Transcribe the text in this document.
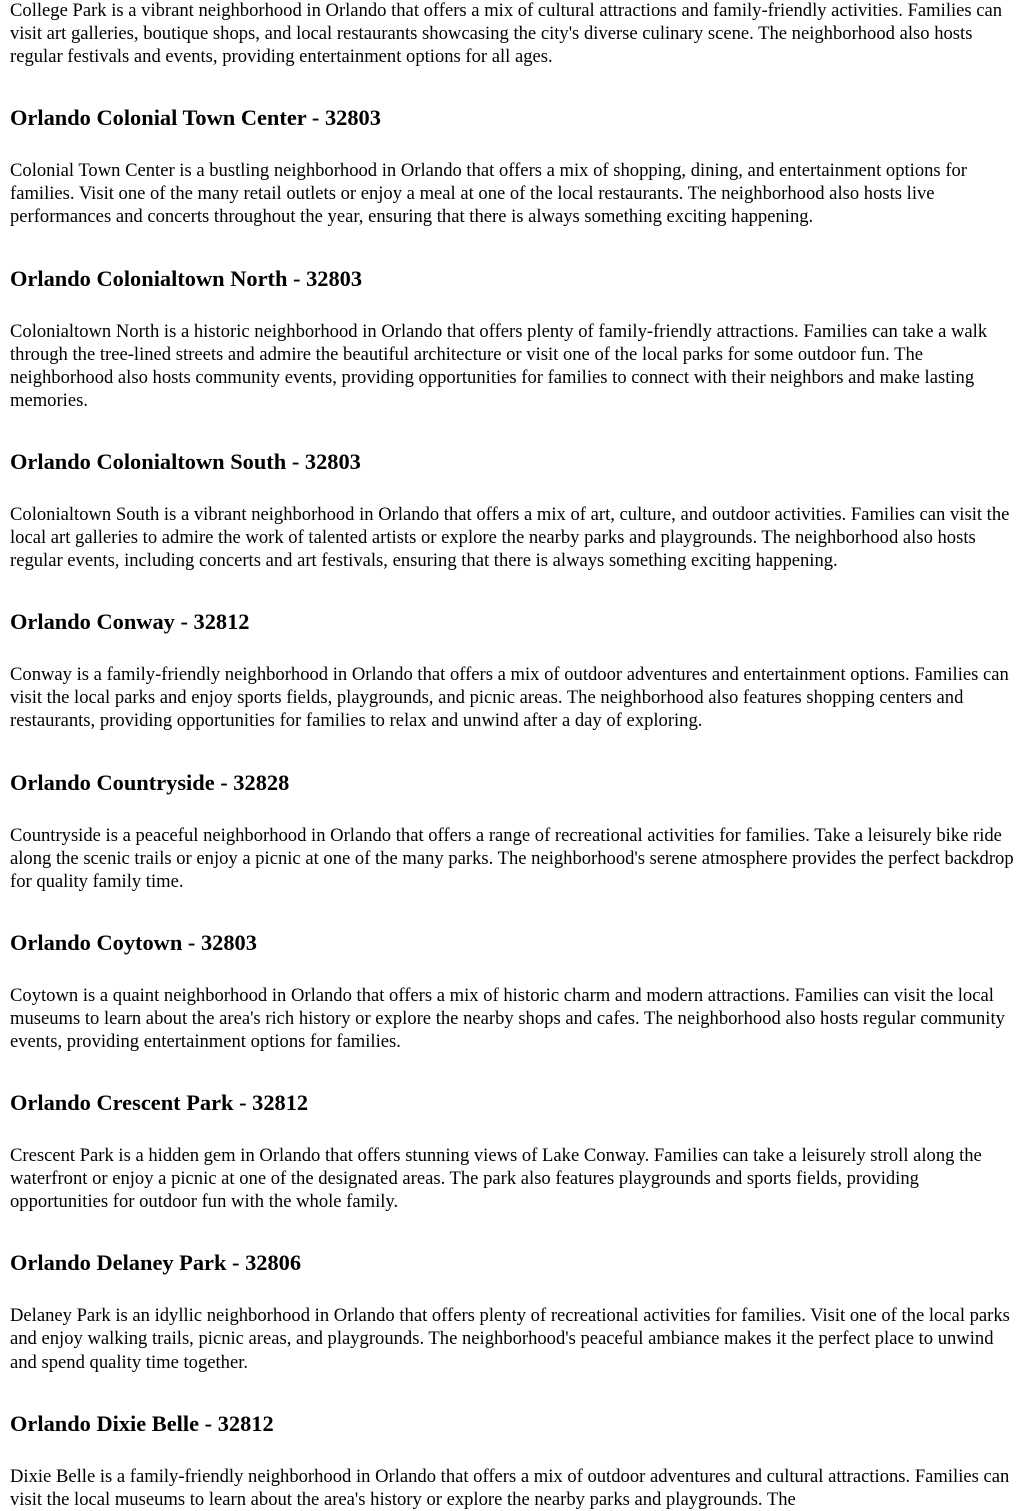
College Park is a vibrant neighborhood in Orlando that offers a mix of cultural attractions and family-friendly activities. Families can visit art galleries, boutique shops, and local restaurants showcasing the city's diverse culinary scene. The neighborhood also hosts regular festivals and events, providing entertainment options for all ages.

Orlando Colonial Town Center - 32803

Colonial Town Center is a bustling neighborhood in Orlando that offers a mix of shopping, dining, and entertainment options for families. Visit one of the many retail outlets or enjoy a meal at one of the local restaurants. The neighborhood also hosts live performances and concerts throughout the year, ensuring that there is always something exciting happening.

Orlando Colonialtown North - 32803

Colonialtown North is a historic neighborhood in Orlando that offers plenty of family-friendly attractions. Families can take a walk through the tree-lined streets and admire the beautiful architecture or visit one of the local parks for some outdoor fun. The neighborhood also hosts community events, providing opportunities for families to connect with their neighbors and make lasting memories.

Orlando Colonialtown South - 32803

Colonialtown South is a vibrant neighborhood in Orlando that offers a mix of art, culture, and outdoor activities. Families can visit the local art galleries to admire the work of talented artists or explore the nearby parks and playgrounds. The neighborhood also hosts regular events, including concerts and art festivals, ensuring that there is always something exciting happening.

Orlando Conway - 32812

Conway is a family-friendly neighborhood in Orlando that offers a mix of outdoor adventures and entertainment options. Families can visit the local parks and enjoy sports fields, playgrounds, and picnic areas. The neighborhood also features shopping centers and restaurants, providing opportunities for families to relax and unwind after a day of exploring.

Orlando Countryside - 32828

Countryside is a peaceful neighborhood in Orlando that offers a range of recreational activities for families. Take a leisurely bike ride along the scenic trails or enjoy a picnic at one of the many parks. The neighborhood's serene atmosphere provides the perfect backdrop for quality family time.

Orlando Coytown - 32803

Coytown is a quaint neighborhood in Orlando that offers a mix of historic charm and modern attractions. Families can visit the local museums to learn about the area's rich history or explore the nearby shops and cafes. The neighborhood also hosts regular community events, providing entertainment options for families.

Orlando Crescent Park - 32812

Crescent Park is a hidden gem in Orlando that offers stunning views of Lake Conway. Families can take a leisurely stroll along the waterfront or enjoy a picnic at one of the designated areas. The park also features playgrounds and sports fields, providing opportunities for outdoor fun with the whole family.

Orlando Delaney Park - 32806

Delaney Park is an idyllic neighborhood in Orlando that offers plenty of recreational activities for families. Visit one of the local parks and enjoy walking trails, picnic areas, and playgrounds. The neighborhood's peaceful ambiance makes it the perfect place to unwind and spend quality time together.

Orlando Dixie Belle - 32812

Dixie Belle is a family-friendly neighborhood in Orlando that offers a mix of outdoor adventures and cultural attractions. Families can visit the local museums to learn about the area's history or explore the nearby parks and playgrounds. The
